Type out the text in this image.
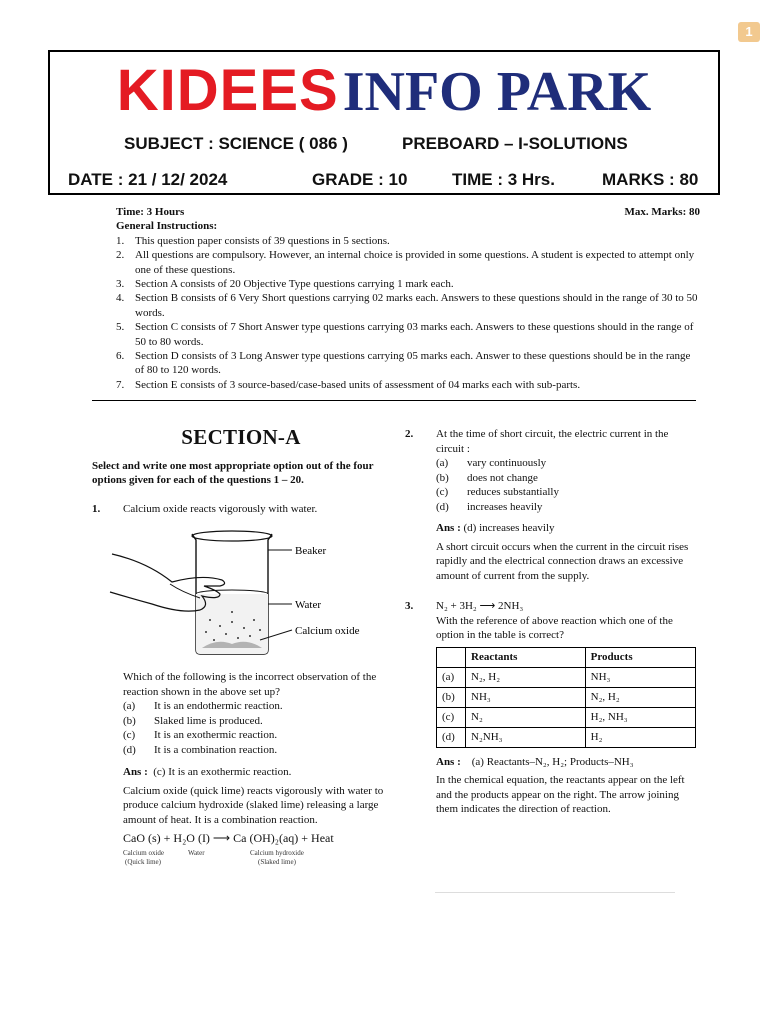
1
KIDEES INFO PARK
SUBJECT : SCIENCE ( 086 )	PREBOARD – I-SOLUTIONS
DATE : 21 / 12/ 2024	GRADE : 10	TIME : 3 Hrs.	MARKS : 80
Time: 3 Hours	Max. Marks: 80
General Instructions:
1. This question paper consists of 39 questions in 5 sections.
2. All questions are compulsory. However, an internal choice is provided in some questions. A student is expected to attempt only one of these questions.
3. Section A consists of 20 Objective Type questions carrying 1 mark each.
4. Section B consists of 6 Very Short questions carrying 02 marks each. Answers to these questions should in the range of 30 to 50 words.
5. Section C consists of 7 Short Answer type questions carrying 03 marks each. Answers to these questions should in the range of 50 to 80 words.
6. Section D consists of 3 Long Answer type questions carrying 05 marks each. Answer to these questions should be in the range of 80 to 120 words.
7. Section E consists of 3 source-based/case-based units of assessment of 04 marks each with sub-parts.
SECTION-A
Select and write one most appropriate option out of the four options given for each of the questions 1 – 20.
1.	Calcium oxide reacts vigorously with water.
Beaker
Water
Calcium oxide
Which of the following is the incorrect observation of the reaction shown in the above set up?
(a)	It is an endothermic reaction.
(b)	Slaked lime is produced.
(c)	It is an exothermic reaction.
(d)	It is a combination reaction.
Ans : (c) It is an exothermic reaction.
Calcium oxide (quick lime) reacts vigorously with water to produce calcium hydroxide (slaked lime) releasing a large amount of heat. It is a combination reaction.
CaO (s) + H₂O (I) ⟶ Ca (OH)₂(aq) + Heat
Calcium oxide
(Quick lime)
Water	Calcium hydroxide
(Slaked lime)
2.	At the time of short circuit, the electric current in the circuit :
(a)	vary continuously
(b)	does not change
(c)	reduces substantially
(d)	increases heavily
Ans : (d) increases heavily
A short circuit occurs when the current in the circuit rises rapidly and the electrical connection draws an excessive amount of current from the supply.
3.	N₂ + 3H₂ ⟶ 2NH₃
With the reference of above reaction which one of the option in the table is correct?
	Reactants	Products
(a)	N₂, H₂	NH₃
(b)	NH₃	N₂, H₂
(c)	N₂	H₂, NH₃
(d)	N₂NH₃	H₂
Ans : (a) Reactants–N₂, H₂; Products–NH₃
In the chemical equation, the reactants appear on the left and the products appear on the right. The arrow joining them indicates the direction of reaction.
